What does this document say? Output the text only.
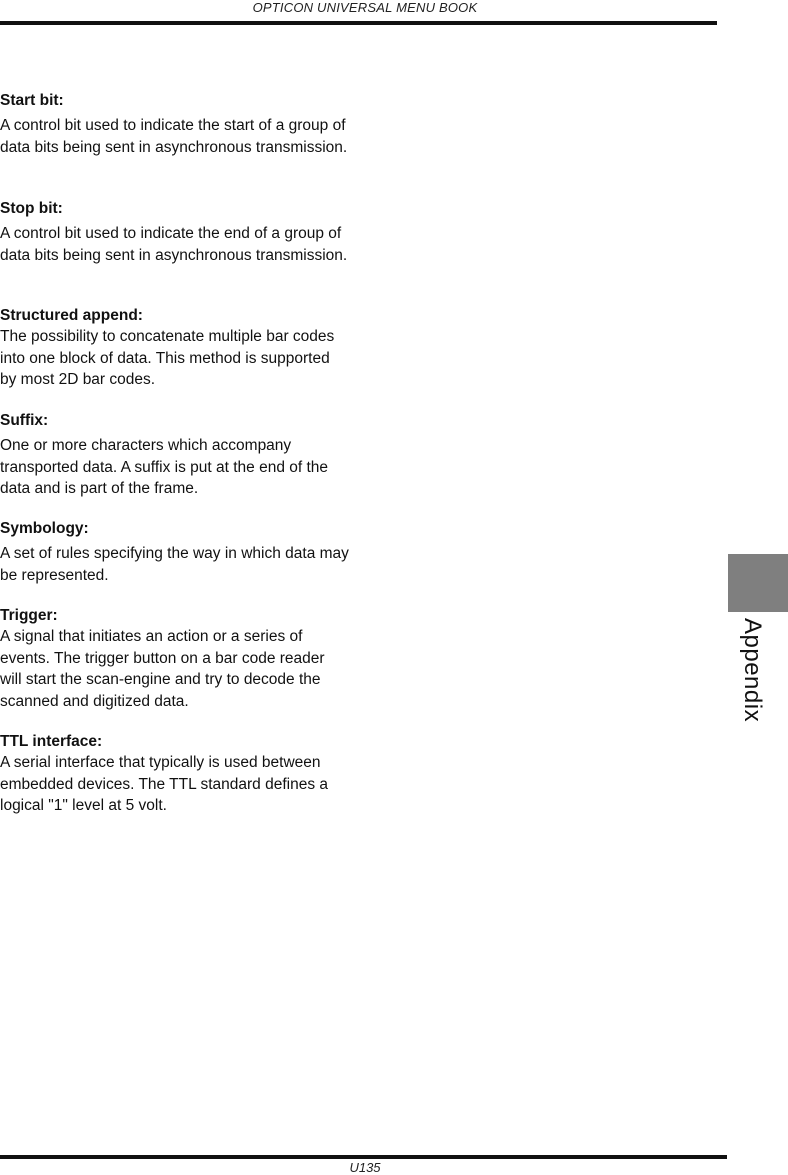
OPTICON UNIVERSAL MENU BOOK

Start bit:

A control bit used to indicate the start of a group of data bits being sent in asynchronous transmission.

Stop bit:

A control bit used to indicate the end of a group of data bits being sent in asynchronous transmission.

Structured append:

The possibility to concatenate multiple bar codes into one block of data. This method is supported by most 2D bar codes.

Suffix:

One or more characters which accompany transported data. A suffix is put at the end of the data and is part of the frame.

Symbology:

A set of rules specifying the way in which data may be represented.

Trigger:

A signal that initiates an action or a series of events. The trigger button on a bar code reader will start the scan-engine and try to decode the scanned and digitized data.

TTL interface:

A serial interface that typically is used between embedded devices. The TTL standard defines a logical "1" level at 5 volt.

Appendix
U135
